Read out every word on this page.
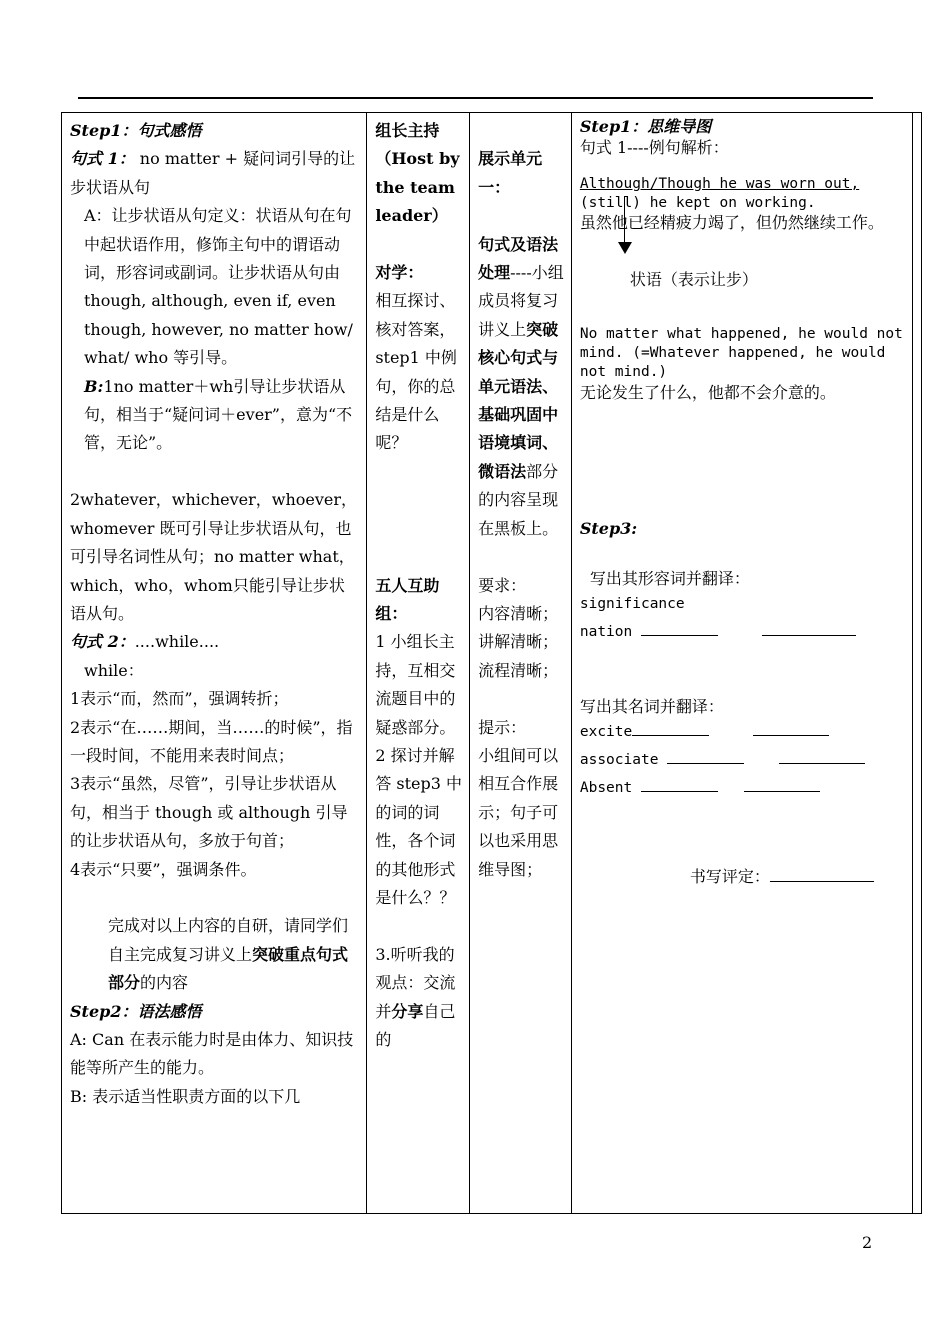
Step1：句式感悟

句式 1： no matter + 疑问词引导的让步状语从句

A：让步状语从句定义：状语从句在句中起状语作用，修饰主句中的谓语动词，形容词或副词。让步状语从句由 though, although, even if, even though, however, no matter how/ what/ who 等引导。

B:1no matter＋wh引导让步状语从句，相当于“疑问词＋ever”，意为“不管，无论”。

2whatever，whichever，whoever，whomever 既可引导让步状语从句，也可引导名词性从句；no matter what，which，who，whom只能引导让步状语从句。

句式 2：....while....

while：

1表示“而，然而”，强调转折；

2表示“在……期间，当……的时候”，指一段时间，不能用来表时间点；

3表示“虽然，尽管”，引导让步状语从句，相当于 though 或 although 引导的让步状语从句，多放于句首；

4表示“只要”，强调条件。

完成对以上内容的自研，请同学们自主完成复习讲义上突破重点句式部分的内容

Step2：语法感悟

A: Can 在表示能力时是由体力、知识技能等所产生的能力。

B: 表示适当性职责方面的以下几

组长主持（Host by the team leader）

对学：

相互探讨、核对答案，step1 中例句，你的总结是什么呢？

五人互助组：

1 小组长主持，互相交流题目中的疑惑部分。

2 探讨并解答 step3 中的词的词性，各个词的其他形式是什么？？

3.听听我的观点：交流并分享自己的

展示单元一：

句式及语法处理----小组成员将复习讲义上突破核心句式与单元语法、基础巩固中语境填词、微语法部分的内容呈现在黑板上。

要求：

内容清晰；

讲解清晰；

流程清晰；

提示：

小组间可以相互合作展示；句子可以也采用思维导图；

Step1：思维导图

句式 1----例句解析：

Although/Though he was worn out,

(still) he kept on working.

虽然他已经精疲力竭了，但仍然继续工作。

状语（表示让步）

No matter what happened, he would not mind. (=Whatever happened, he would not mind.)

无论发生了什么，他都不会介意的。

Step3:

写出其形容词并翻译：

significance

nation

写出其名词并翻译：

excite

associate

Absent

书写评定：

2
